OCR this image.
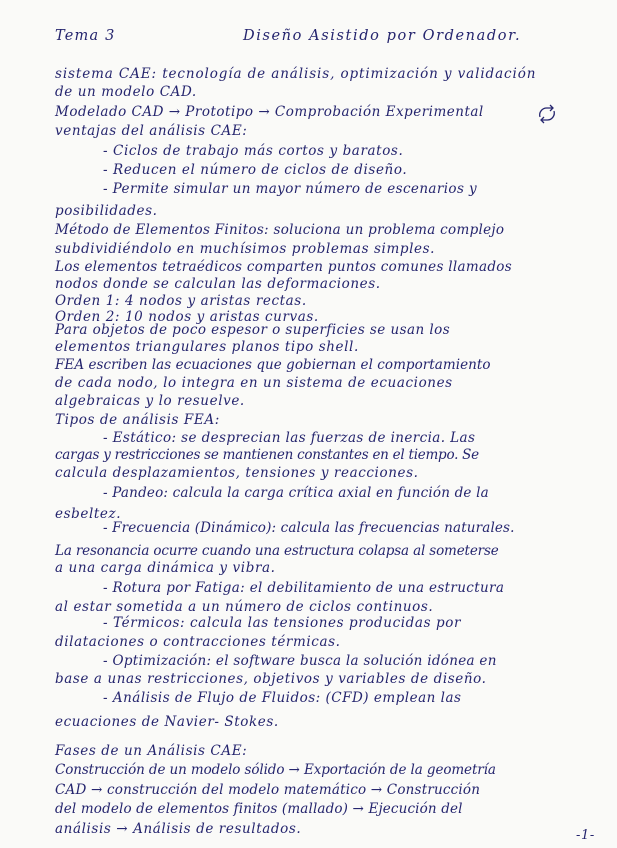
Tema 3	Diseño Asistido por Ordenador.
sistema CAE: tecnología de análisis, optimización y validación
de un modelo CAD.
Modelado CAD → Prototipo → Comprobación Experimental
ventajas del análisis CAE:
- Ciclos de trabajo más cortos y baratos.
- Reducen el número de ciclos de diseño.
- Permite simular un mayor número de escenarios y
posibilidades.
Método de Elementos Finitos: soluciona un problema complejo
subdividiéndolo en muchísimos problemas simples.
Los elementos tetraédicos comparten puntos comunes llamados
nodos donde se calculan las deformaciones.
Orden 1: 4 nodos y aristas rectas.
Orden 2: 10 nodos y aristas curvas.
Para objetos de poco espesor o superficies se usan los
elementos triangulares planos tipo shell.
FEA escriben las ecuaciones que gobiernan el comportamiento
de cada nodo, lo integra en un sistema de ecuaciones
algebraicas y lo resuelve.
Tipos de análisis FEA:
- Estático: se desprecian las fuerzas de inercia. Las
cargas y restricciones se mantienen constantes en el tiempo. Se
calcula desplazamientos, tensiones y reacciones.
- Pandeo: calcula la carga crítica axial en función de la
esbeltez.
- Frecuencia (Dinámico): calcula las frecuencias naturales.
La resonancia ocurre cuando una estructura colapsa al someterse
a una carga dinámica y vibra.
- Rotura por Fatiga: el debilitamiento de una estructura
al estar sometida a un número de ciclos continuos.
- Térmicos: calcula las tensiones producidas por
dilataciones o contracciones térmicas.
- Optimización: el software busca la solución idónea en
base a unas restricciones, objetivos y variables de diseño.
- Análisis de Flujo de Fluidos: (CFD) emplean las
ecuaciones de Navier- Stokes.
Fases de un Análisis CAE:
Construcción de un modelo sólido → Exportación de la geometría
CAD → construcción del modelo matemático → Construcción
del modelo de elementos finitos (mallado) → Ejecución del
análisis → Análisis de resultados.	-1-
